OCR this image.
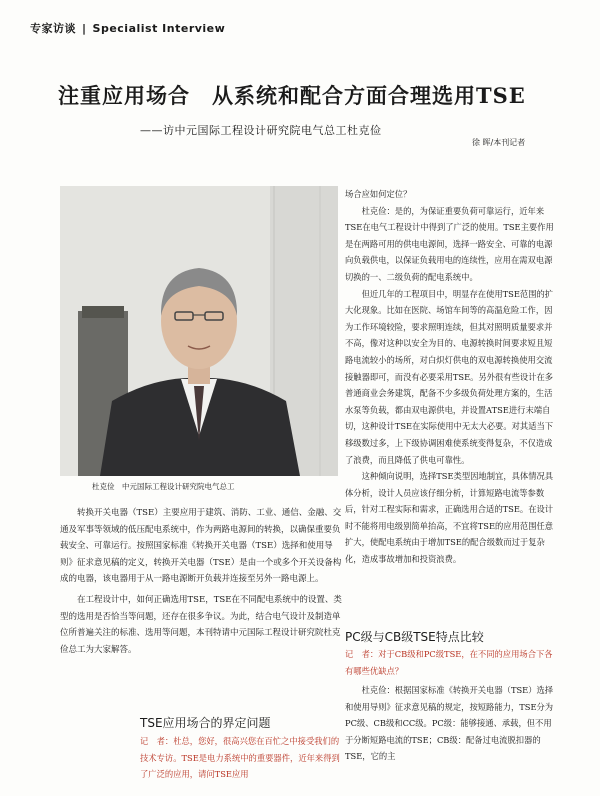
专家访谈 | Specialist Interview
注重应用场合　从系统和配合方面合理选用TSE
——访中元国际工程设计研究院电气总工杜克俭
徐 晖/本刊记者
杜克俭　中元国际工程设计研究院电气总工

转换开关电器（TSE）主要应用于建筑、消防、工业、通信、金融、交通及军事等领域的低压配电系统中，作为两路电源间的转换，以确保重要负载安全、可靠运行。按照国家标准《转换开关电器（TSE）选择和使用导则》征求意见稿的定义，转换开关电器（TSE）是由一个或多个开关设备构成的电器，该电器用于从一路电源断开负载并连接至另外一路电源上。

在工程设计中，如何正确选用TSE，TSE在不同配电系统中的设置、类型的选用是否恰当等问题，还存在很多争议。为此，结合电气设计及制造单位所普遍关注的标准、选用等问题，本刊特请中元国际工程设计研究院杜克俭总工为大家解答。

TSE应用场合的界定问题
记　者：杜总，您好，很高兴您在百忙之中接受我们的技术专访。TSE是电力系统中的重要器件，近年来得到了广泛的应用，请问TSE应用

场合应如何定位？

杜克俭：是的，为保证重要负荷可靠运行，近年来TSE在电气工程设计中得到了广泛的使用。TSE主要作用是在两路可用的供电电源间，选择一路安全、可靠的电源向负载供电，以保证负载用电的连续性，应用在需双电源切换的一、二级负荷的配电系统中。

但近几年的工程项目中，明显存在使用TSE范围的扩大化现象。比如在医院、场馆车间等的高温危险工作，因为工作环境较险，要求照明连续，但其对照明质量要求并不高，像对这种以安全为目的、电源转换时间要求短且短路电流较小的场所，对白炽灯供电的双电源转换使用交流接触器即可，而没有必要采用TSE。另外很有些设计在多普通商业会务建筑，配备不少多级负荷处理方案的，生活水泵等负载，都由双电源供电，并设置ATSE进行末端自切，这种设计TSE在实际使用中无太大必要。对其适当下移级数过多，上下级协调困难使系统变得复杂，不仅造成了浪费，而且降低了供电可靠性。

这种倾向说明，选择TSE类型因地制宜，具体情况具体分析，设计人员应该仔细分析，计算短路电流等参数后，针对工程实际和需求，正确选用合适的TSE。在设计时不能将用电级别简单抬高，不宜将TSE的应用范围任意扩大，使配电系统由于增加TSE的配合级数而过于复杂化，造成事故增加和投资浪费。

PC级与CB级TSE特点比较
记　者：对于CB级和PC级TSE，在不同的应用场合下各有哪些优缺点？
杜克俭：根据国家标准《转换开关电器（TSE）选择和使用导则》征求意见稿的规定，按短路能力，TSE分为PC级、CB级和CC级。PC级：能够接通、承载，但不用于分断短路电流的TSE；CB级：配备过电流脱扣器的TSE，它的主
